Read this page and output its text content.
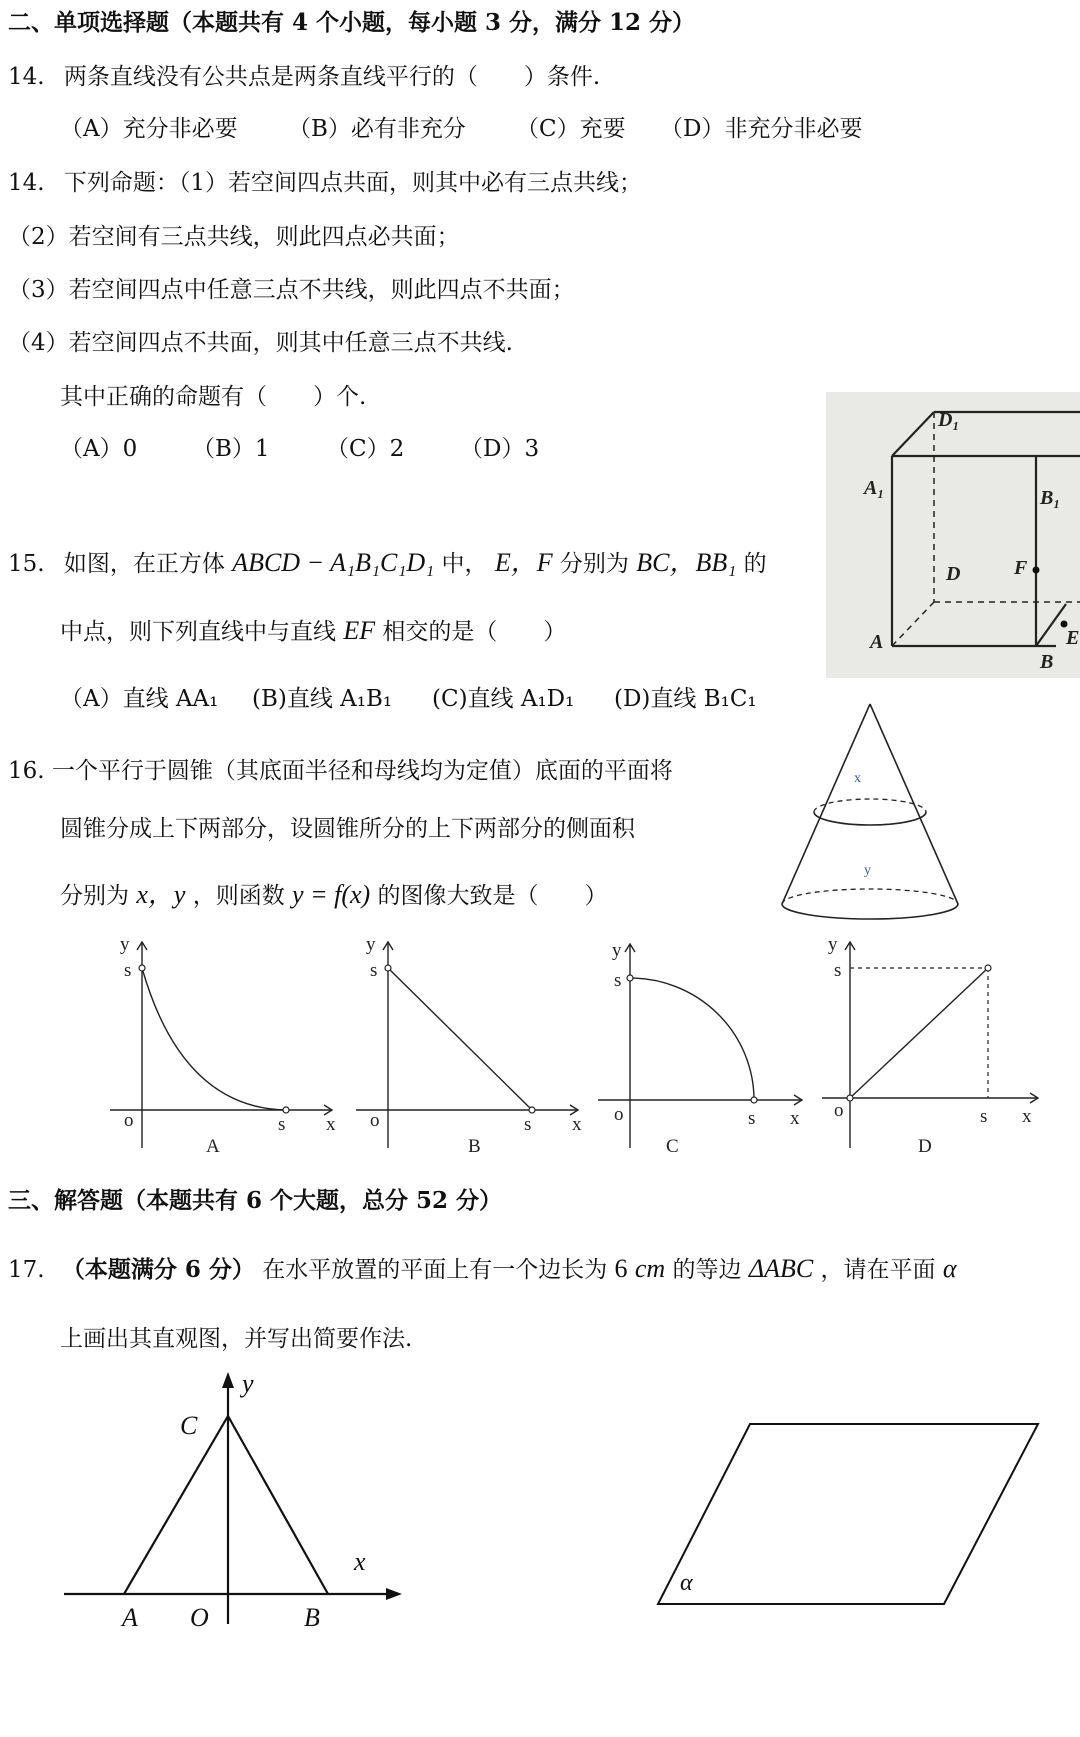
二、单项选择题（本题共有 4 个小题，每小题 3 分，满分 12 分）
14. 两条直线没有公共点是两条直线平行的（　　）条件.
（A）充分非必要 （B）必有非充分 （C）充要 （D）非充分非必要
14. 下列命题：（1）若空间四点共面，则其中必有三点共线；
（2）若空间有三点共线，则此四点必共面；
（3）若空间四点中任意三点不共线，则此四点不共面；
（4）若空间四点不共面，则其中任意三点不共线.
其中正确的命题有（　　）个.
（A）0 （B）1 （C）2 （D）3
D₁
A₁	B₁
D	F
A
B
E
15. 如图，在正方体 ABCD − A₁B₁C₁D₁ 中， E，F 分别为 BC，BB₁ 的
中点，则下列直线中与直线 EF 相交的是（　　）
（A）直线 AA₁ (B)直线 A₁B₁ (C)直线 A₁D₁ (D)直线 B₁C₁
x
y
16. 一个平行于圆锥（其底面半径和母线均为定值）底面的平面将
圆锥分成上下两部分，设圆锥所分的上下两部分的侧面积
分别为 x，y ，则函数 y = f(x) 的图像大致是（　　）
y
s
o	s x
A
y
s
o	s x
B
y
s
o	s x
C
y
s
o	s x
D
三、解答题（本题共有 6 个大题，总分 52 分）
17. （本题满分 6 分） 在水平放置的平面上有一个边长为 6 cm 的等边 ΔABC ，请在平面 α
上画出其直观图，并写出简要作法.
y
C
x
A O	B
α
